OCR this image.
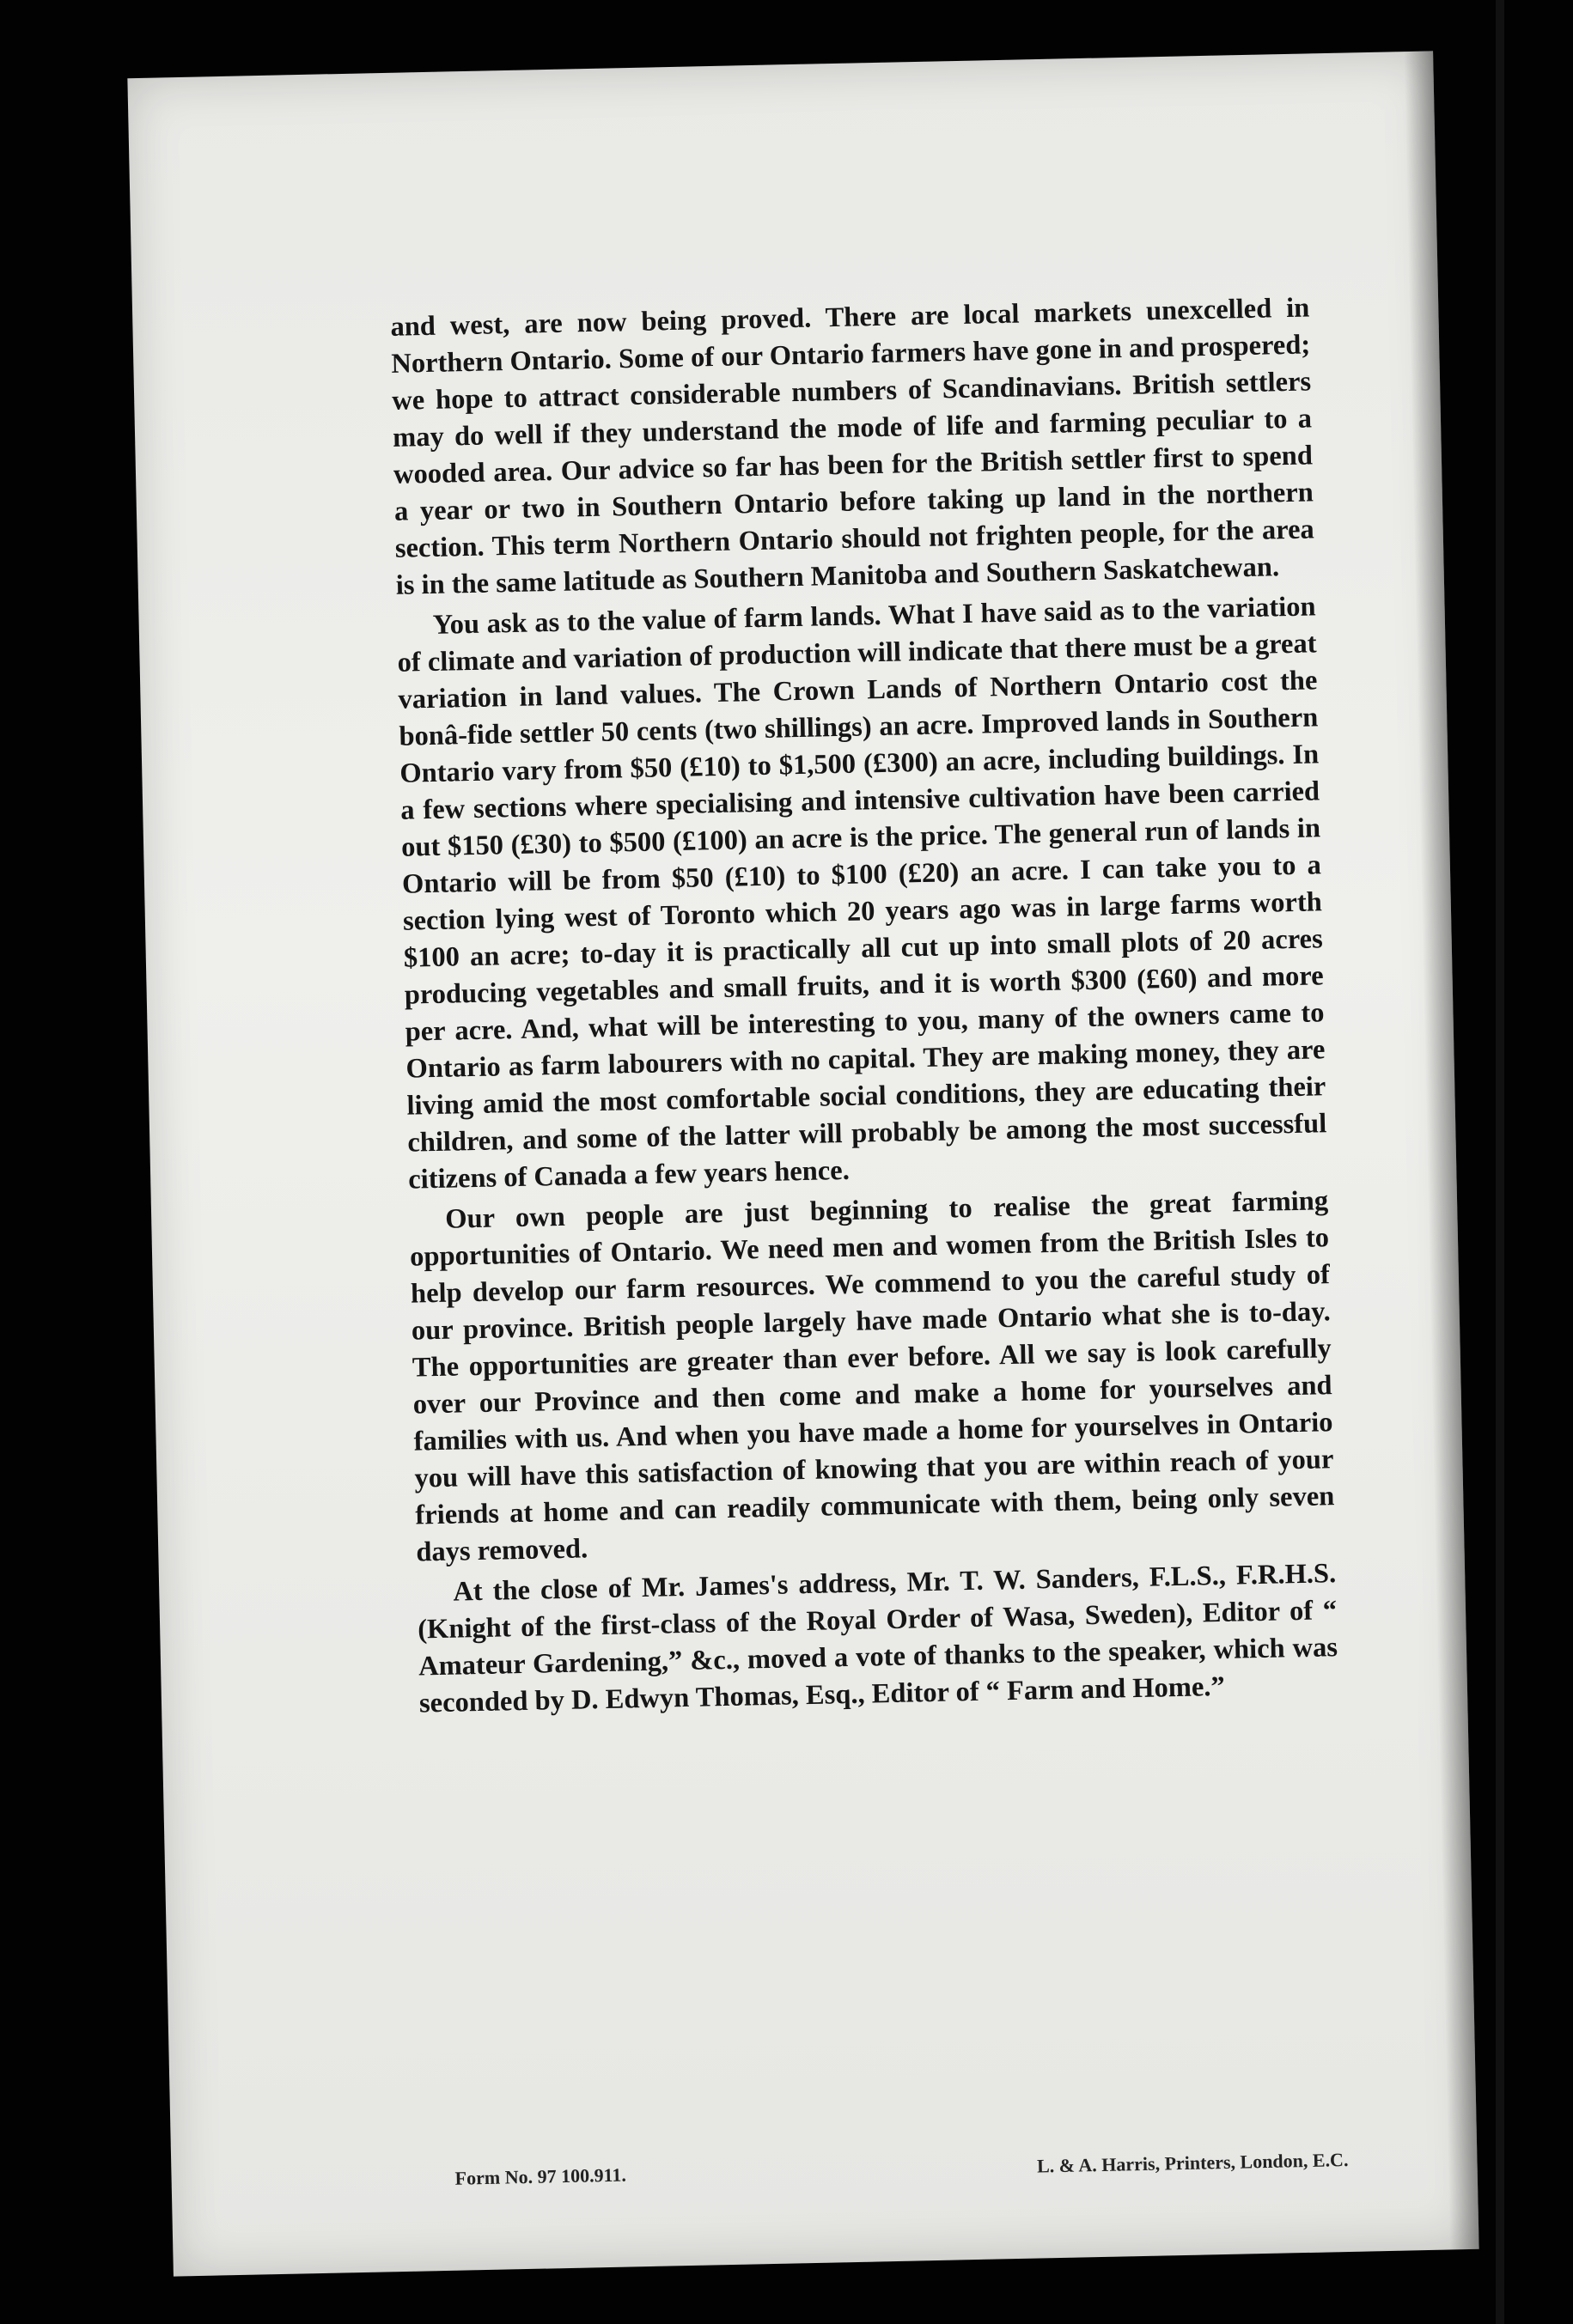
and west, are now being proved. There are local markets unexcelled in Northern Ontario. Some of our Ontario farmers have gone in and prospered; we hope to attract considerable numbers of Scandinavians. British settlers may do well if they understand the mode of life and farming peculiar to a wooded area. Our advice so far has been for the British settler first to spend a year or two in Southern Ontario before taking up land in the northern section. This term Northern Ontario should not frighten people, for the area is in the same latitude as Southern Manitoba and Southern Saskatchewan.

You ask as to the value of farm lands. What I have said as to the variation of climate and variation of production will indicate that there must be a great variation in land values. The Crown Lands of Northern Ontario cost the bonâ-fide settler 50 cents (two shillings) an acre. Improved lands in Southern Ontario vary from $50 (£10) to $1,500 (£300) an acre, including buildings. In a few sections where specialising and intensive cultivation have been carried out $150 (£30) to $500 (£100) an acre is the price. The general run of lands in Ontario will be from $50 (£10) to $100 (£20) an acre. I can take you to a section lying west of Toronto which 20 years ago was in large farms worth $100 an acre; to-day it is practically all cut up into small plots of 20 acres producing vegetables and small fruits, and it is worth $300 (£60) and more per acre. And, what will be interesting to you, many of the owners came to Ontario as farm labourers with no capital. They are making money, they are living amid the most comfortable social conditions, they are educating their children, and some of the latter will probably be among the most successful citizens of Canada a few years hence.

Our own people are just beginning to realise the great farming opportunities of Ontario. We need men and women from the British Isles to help develop our farm resources. We commend to you the careful study of our province. British people largely have made Ontario what she is to-day. The opportunities are greater than ever before. All we say is look carefully over our Province and then come and make a home for yourselves and families with us. And when you have made a home for yourselves in Ontario you will have this satisfaction of knowing that you are within reach of your friends at home and can readily communicate with them, being only seven days removed.

At the close of Mr. James's address, Mr. T. W. Sanders, F.L.S., F.R.H.S. (Knight of the first-class of the Royal Order of Wasa, Sweden), Editor of “ Amateur Gardening,” &c., moved a vote of thanks to the speaker, which was seconded by D. Edwyn Thomas, Esq., Editor of “ Farm and Home.”

Form No. 97 100.911.	L. & A. Harris, Printers, London, E.C.
